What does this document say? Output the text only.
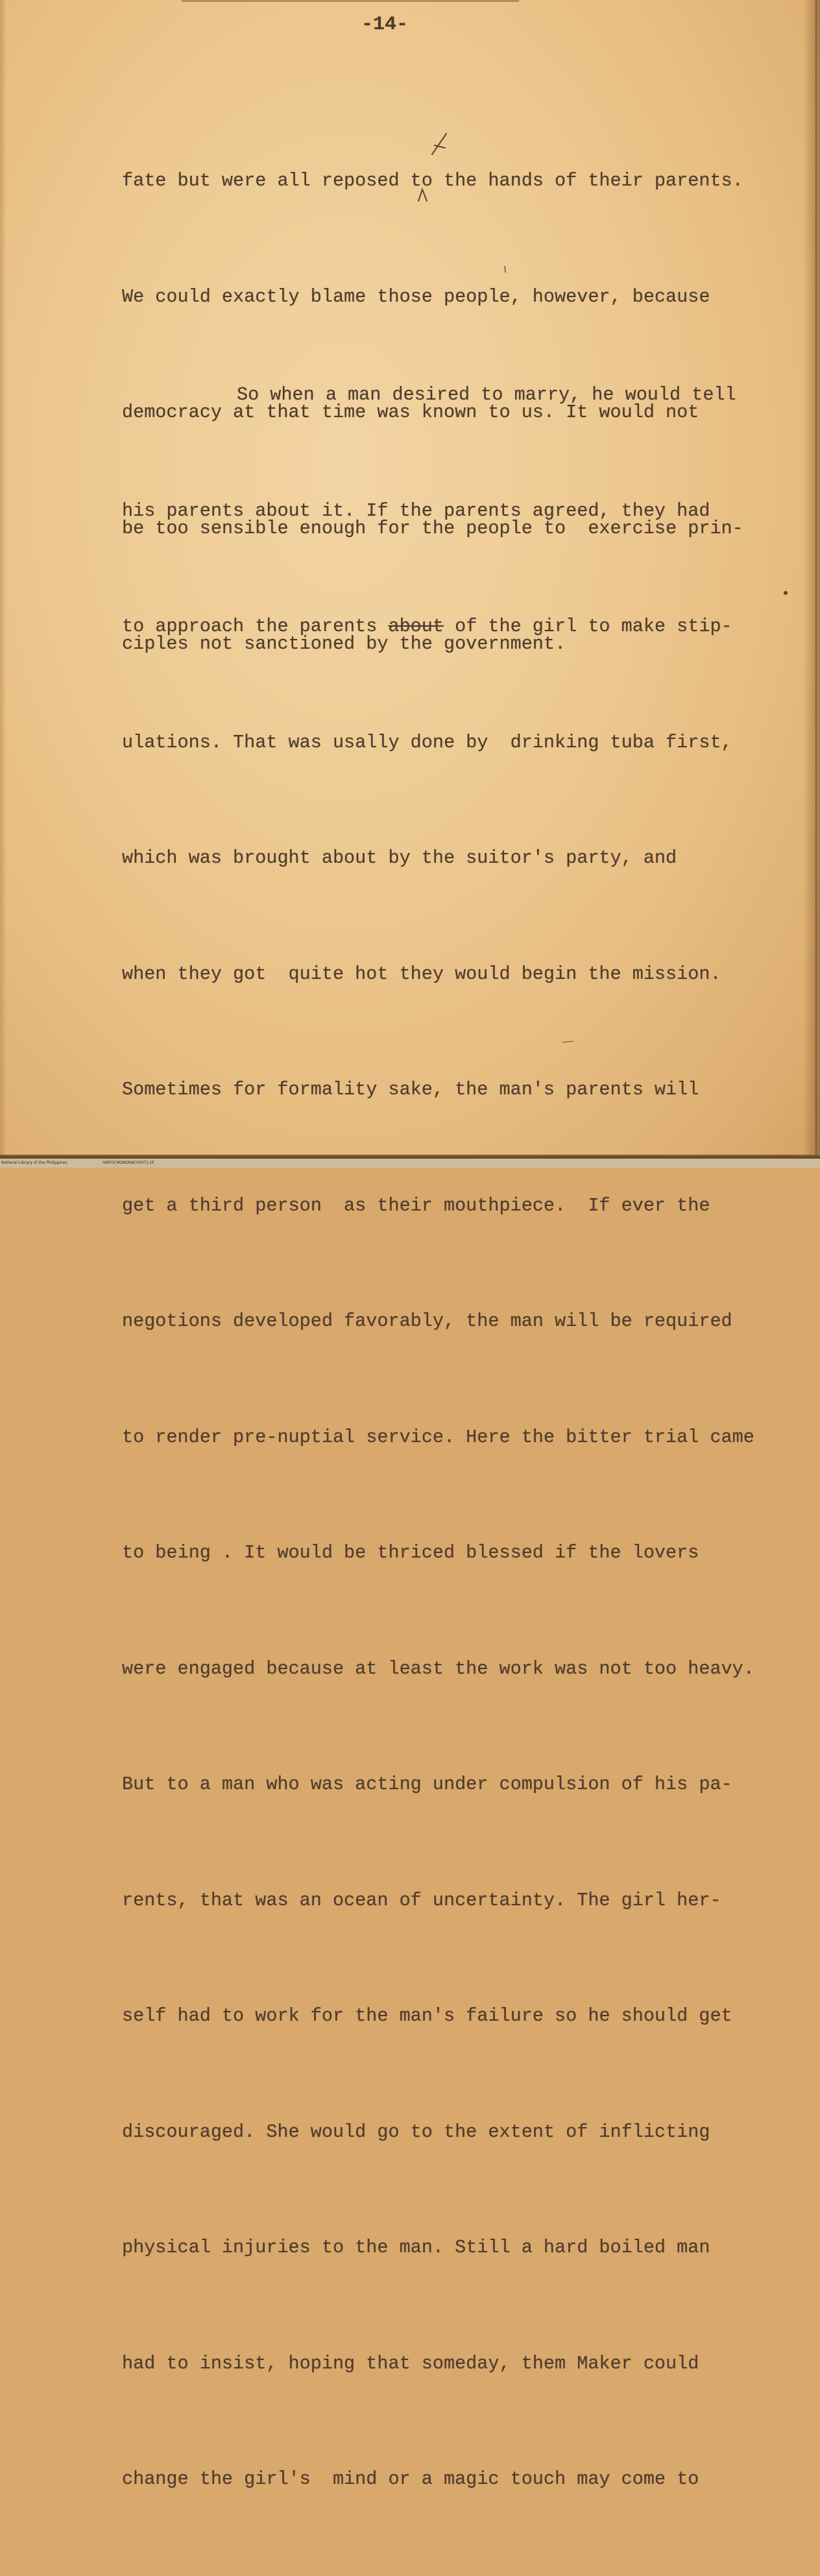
-14-

fate but were all reposed to the hands of their parents.

We could exactly blame those people, however, because

democracy at that time was known to us. It would not

be too sensible enough for the people to  exercise prin-

ciples not sanctioned by the government.

So when a man desired to marry, he would tell

his parents about it. If the parents agreed, they had

to approach the parents about of the girl to make stip-

ulations. That was usally done by  drinking tuba first,

which was brought about by the suitor's party, and

when they got  quite hot they would begin the mission.

Sometimes for formality sake, the man's parents will

get a third person  as their mouthpiece.  If ever the

negotions developed favorably, the man will be required

to render pre-nuptial service. Here the bitter trial came

to being . It would be thriced blessed if the lovers

were engaged because at least the work was not too heavy.

But to a man who was acting under compulsion of his pa-

rents, that was an ocean of uncertainty. The girl her-

self had to work for the man's failure so he should get

discouraged. She would go to the extent of inflicting

physical injuries to the man. Still a hard boiled man

had to insist, hoping that someday, them Maker could

change the girl's  mind or a magic touch may come to

National Library of the Philippines	HRPOCMUNDRAC00071.tif
